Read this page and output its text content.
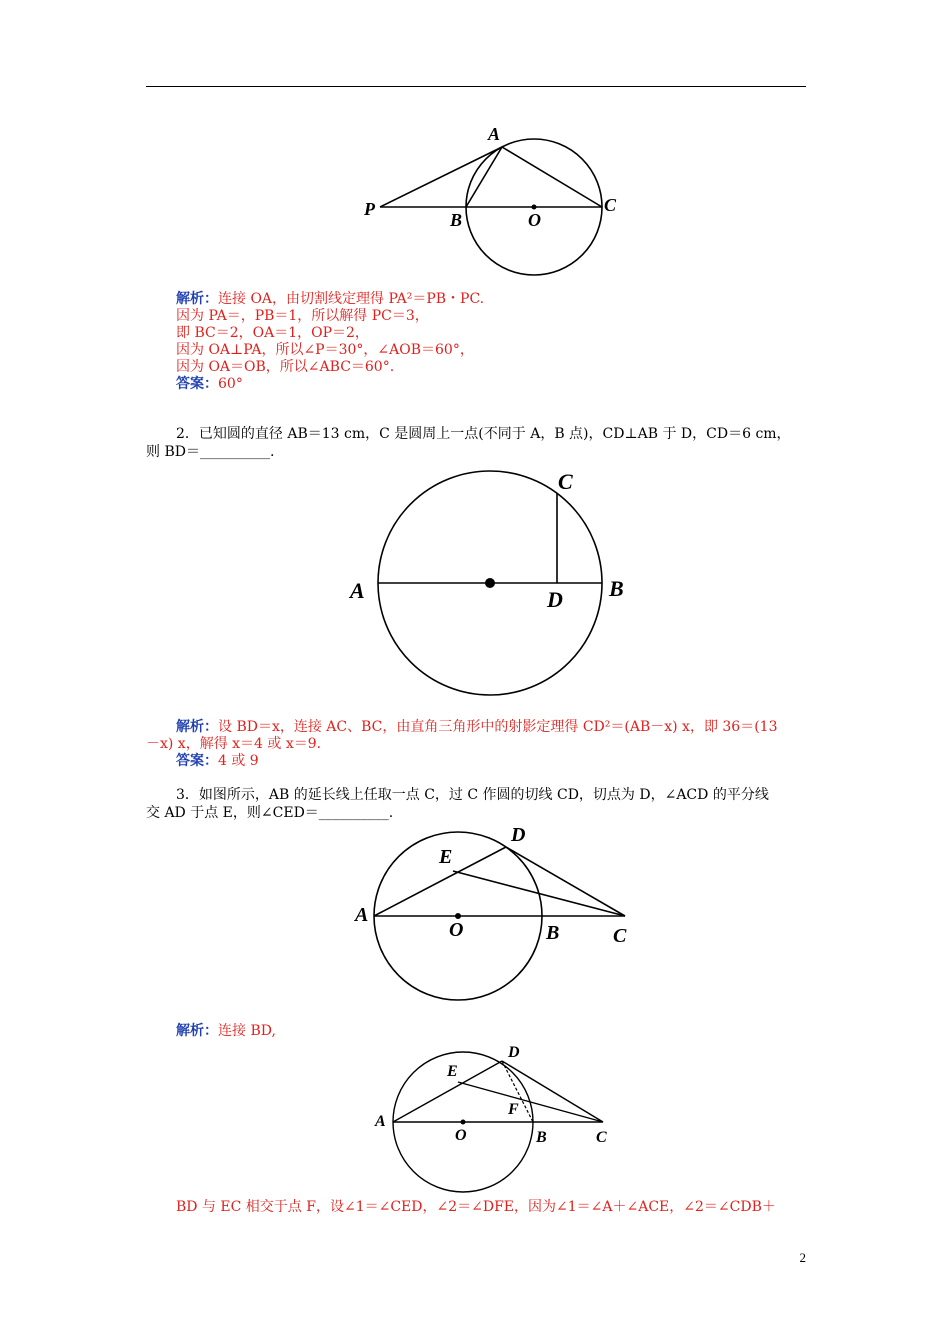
A
P
B	O
C
解析：连接 OA，由切割线定理得 PA²＝PB・PC.
因为 PA＝，PB＝1，所以解得 PC＝3，
即 BC＝2，OA＝1，OP＝2，
因为 OA⊥PA，所以∠P＝30°，∠AOB＝60°，
因为 OA＝OB，所以∠ABC＝60°.
答案：60°
2．已知圆的直径 AB＝13 cm，C 是圆周上一点(不同于 A，B 点)，CD⊥AB 于 D，CD＝6 cm，
则 BD＝__________.
C
A	B
D
解析：设 BD＝x，连接 AC、BC，由直角三角形中的射影定理得 CD²＝(AB－x) x，即 36＝(13
－x) x，解得 x＝4 或 x＝9.
答案：4 或 9
3．如图所示，AB 的延长线上任取一点 C，过 C 作圆的切线 CD，切点为 D，∠ACD 的平分线
交 AD 于点 E，则∠CED＝__________.
D
E
A
O	B	C
解析：连接 BD,
D
E
F
A
O	B	C
BD 与 EC 相交于点 F，设∠1＝∠CED，∠2＝∠DFE，因为∠1＝∠A＋∠ACE，∠2＝∠CDB＋
2
